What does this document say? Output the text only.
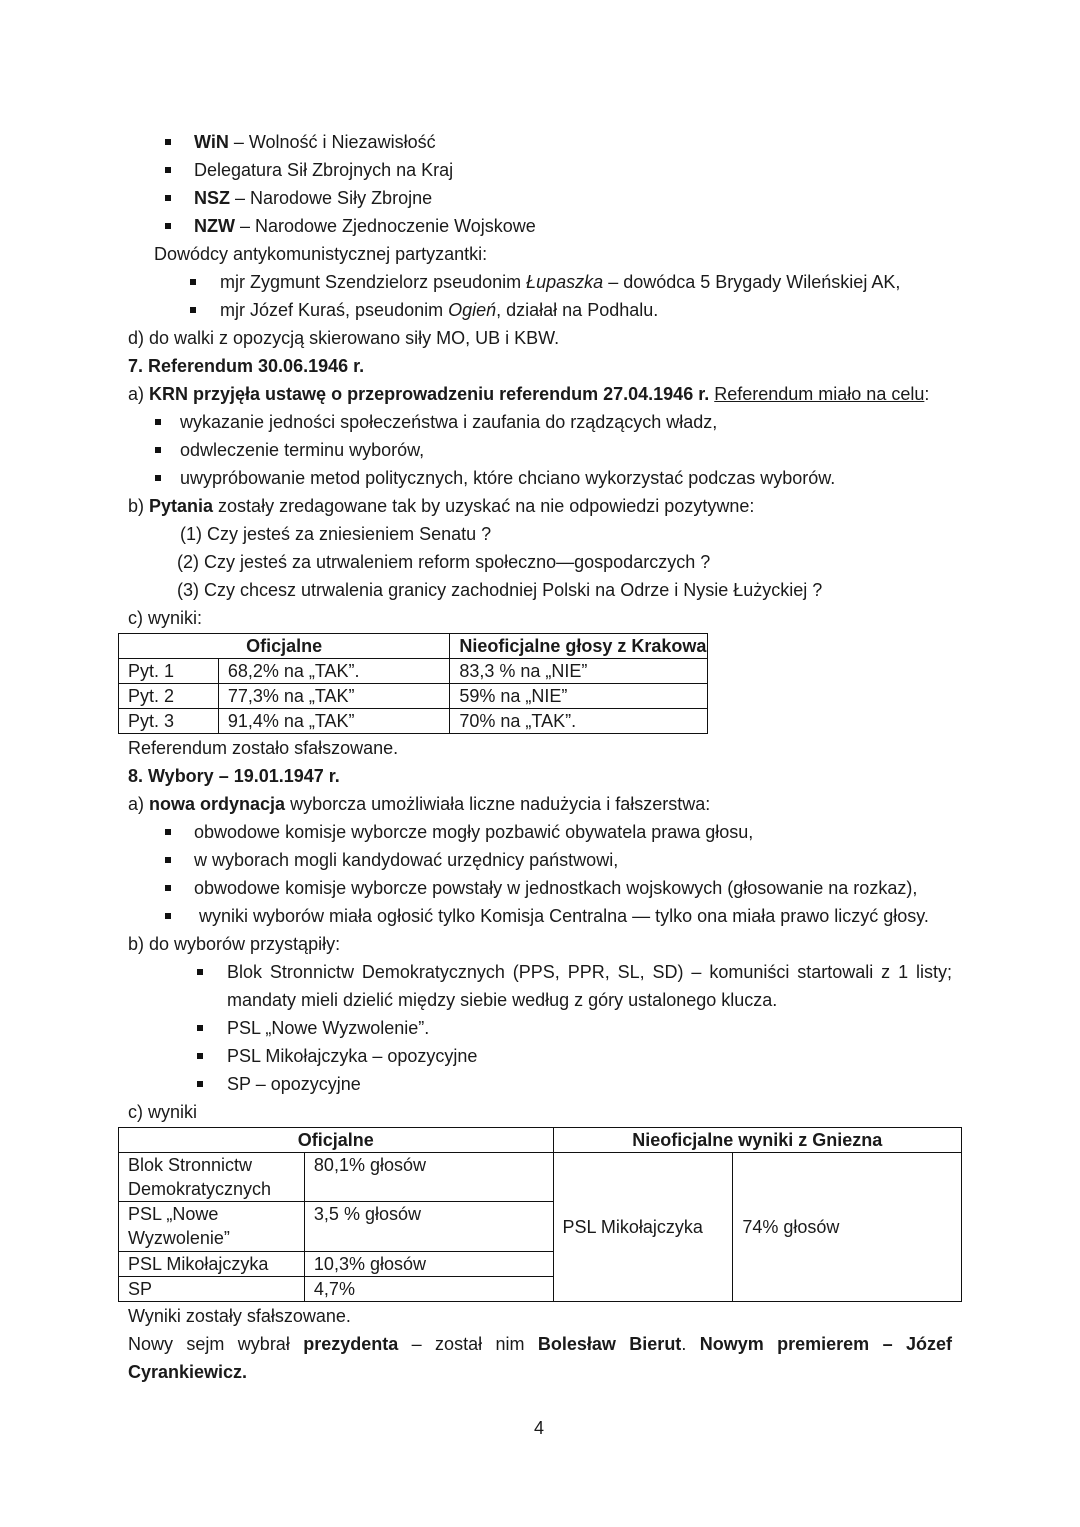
WiN – Wolność i Niezawisłość
Delegatura Sił Zbrojnych na Kraj
NSZ – Narodowe Siły Zbrojne
NZW – Narodowe Zjednoczenie Wojskowe
Dowódcy antykomunistycznej partyzantki:
mjr Zygmunt Szendzielorz pseudonim Łupaszka – dowódca 5 Brygady Wileńskiej AK,
mjr Józef Kuraś, pseudonim Ogień, działał na Podhalu.
d) do walki z opozycją skierowano siły MO, UB i KBW.
7. Referendum 30.06.1946 r.
a) KRN przyjęła ustawę o przeprowadzeniu referendum 27.04.1946 r. Referendum miało na celu:
wykazanie jedności społeczeństwa i zaufania do rządzących władz,
odwleczenie terminu wyborów,
uwypróbowanie metod politycznych, które chciano wykorzystać podczas wyborów.
b) Pytania zostały zredagowane tak by uzyskać na nie odpowiedzi pozytywne:
(1) Czy jesteś za zniesieniem Senatu ?
(2) Czy jesteś za utrwaleniem reform społeczno—gospodarczych ?
(3) Czy chcesz utrwalenia granicy zachodniej Polski na Odrze i Nysie Łużyckiej ?
c) wyniki:
Oficjalne		Nieoficjalne głosy z Krakowa
Pyt. 1	68,2% na „TAK”.	83,3 % na „NIE”
Pyt. 2	77,3% na „TAK”	59% na „NIE”
Pyt. 3	91,4% na „TAK”	70% na „TAK”.
Referendum zostało sfałszowane.
8. Wybory – 19.01.1947 r.
a) nowa ordynacja wyborcza umożliwiała liczne nadużycia i fałszerstwa:
obwodowe komisje wyborcze mogły pozbawić obywatela prawa głosu,
w wyborach mogli kandydować urzędnicy państwowi,
obwodowe komisje wyborcze powstały w jednostkach wojskowych (głosowanie na rozkaz),
wyniki wyborów miała ogłosić tylko Komisja Centralna — tylko ona miała prawo liczyć głosy.
b) do wyborów przystąpiły:
Blok Stronnictw Demokratycznych (PPS, PPR, SL, SD) – komuniści startowali z 1 listy;
mandaty mieli dzielić między siebie według z góry ustalonego klucza.
PSL „Nowe Wyzwolenie”.
PSL Mikołajczyka – opozycyjne
SP – opozycyjne
c) wyniki
Oficjalne		Nieoficjalne wyniki z Gniezna	
Blok Stronnictw Demokratycznych	80,1% głosów	PSL Mikołajczyka	74% głosów
PSL „Nowe Wyzwolenie”	3,5 % głosów		
PSL Mikołajczyka	10,3% głosów		
SP	4,7%		
Wyniki zostały sfałszowane.
Nowy sejm wybrał prezydenta – został nim Bolesław Bierut. Nowym premierem – Józef
Cyrankiewicz.
4
